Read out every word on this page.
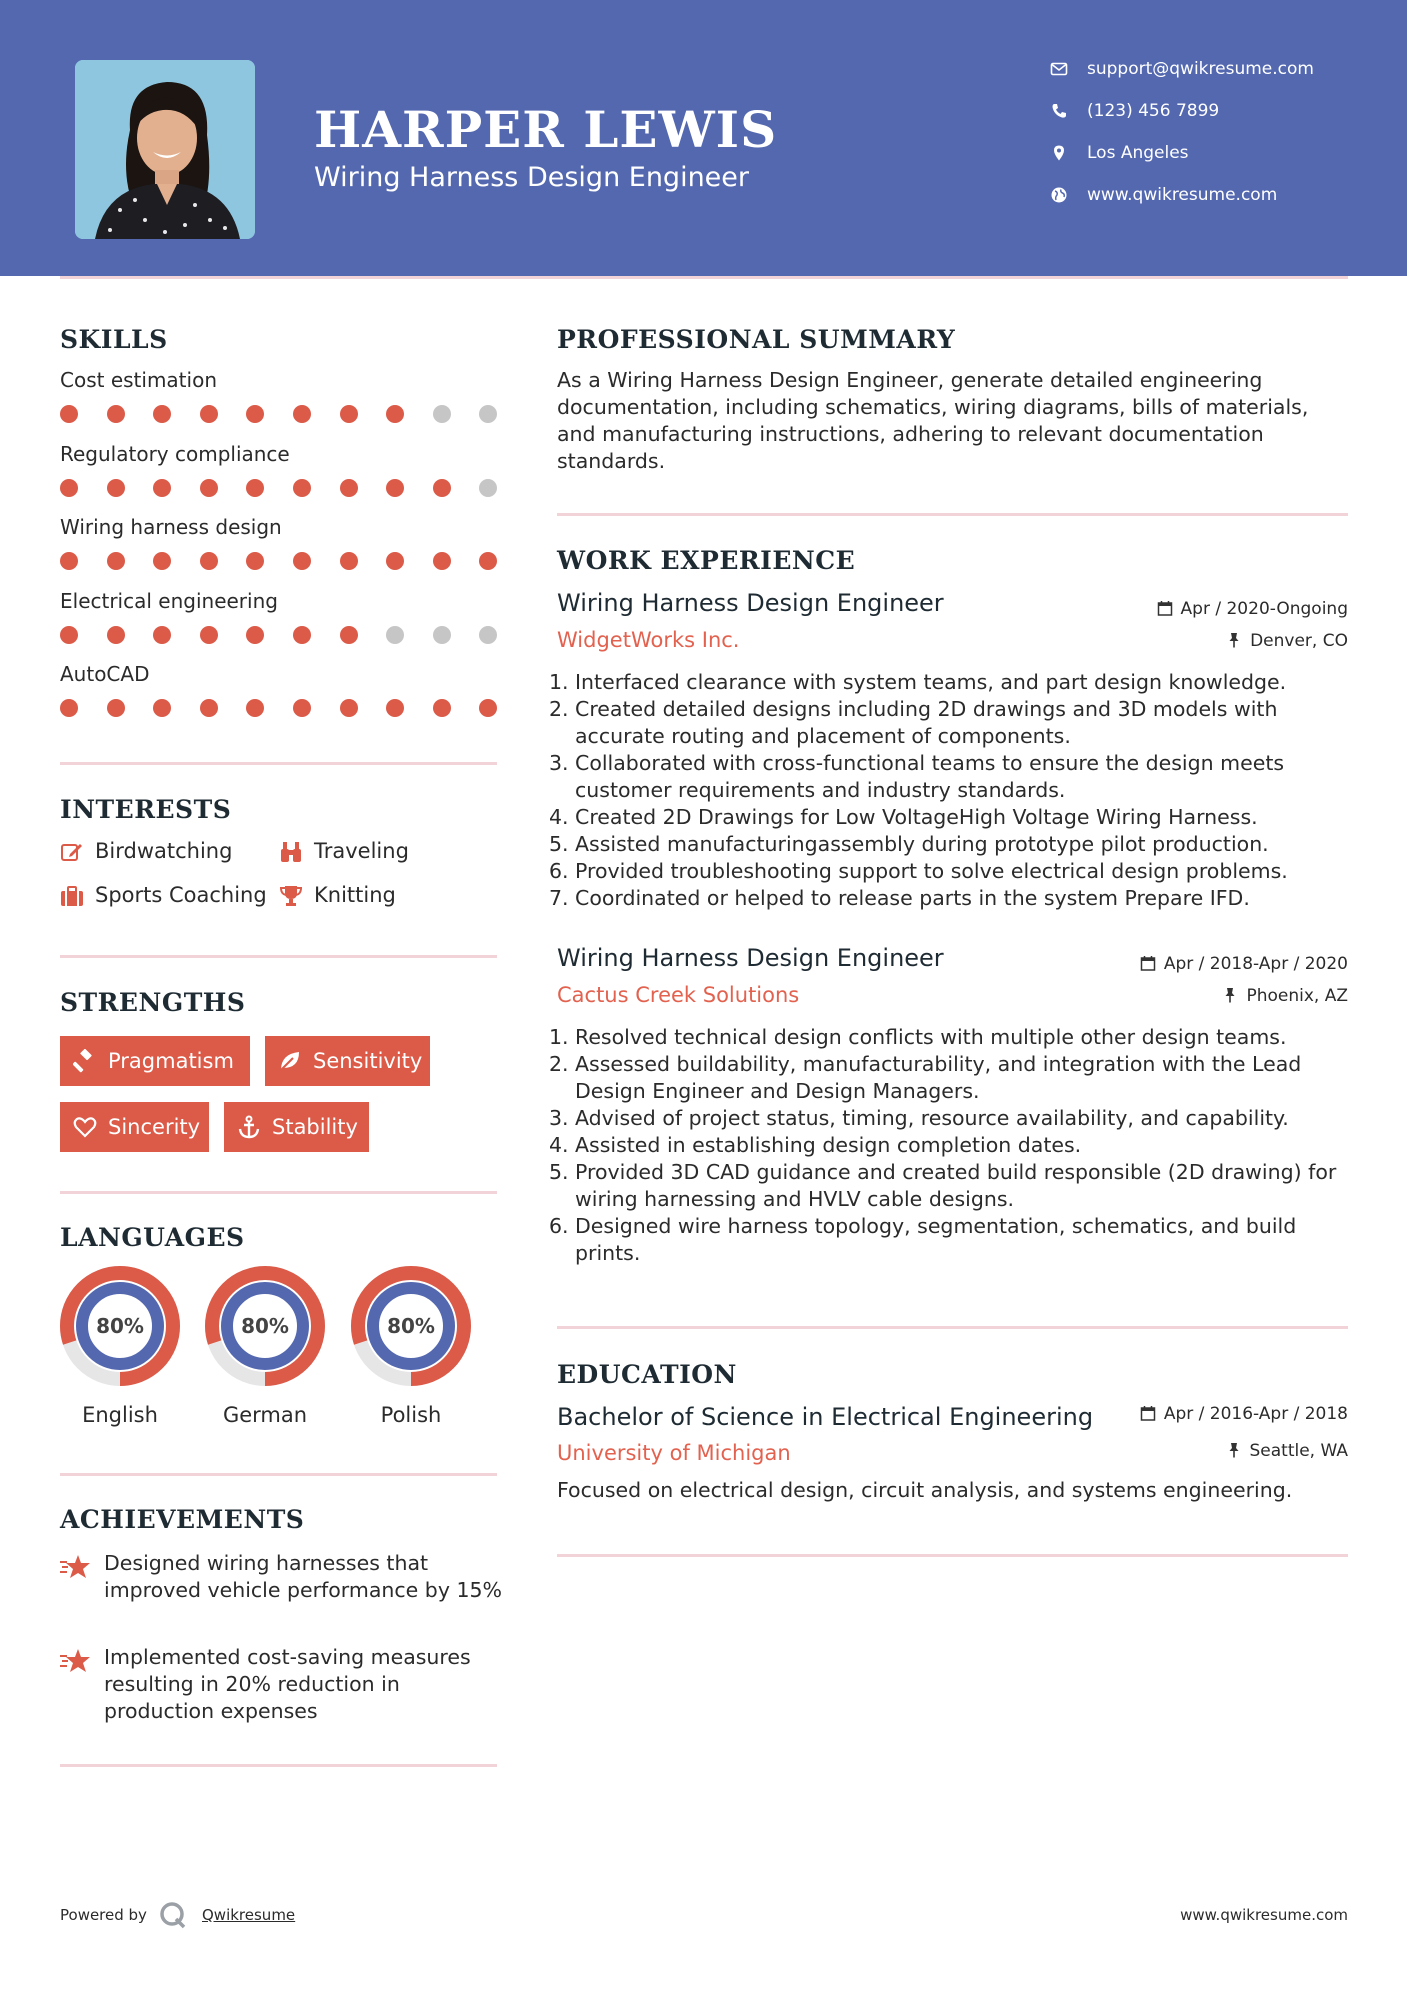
HARPER LEWIS
Wiring Harness Design Engineer
support@qwikresume.com
(123) 456 7899
Los Angeles
www.qwikresume.com
SKILLS
Cost estimation
Regulatory compliance
Wiring harness design
Electrical engineering
AutoCAD
INTERESTS
Birdwatching	Traveling
Sports Coaching Knitting
STRENGTHS
Pragmatism	Sensitivity
Sincerity	Stability
LANGUAGES
80%	80%	80%
English	German	Polish
ACHIEVEMENTS
Designed wiring harnesses that improved vehicle performance by 15%
Implemented cost-saving measures resulting in 20% reduction in production expenses
PROFESSIONAL SUMMARY
As a Wiring Harness Design Engineer, generate detailed engineering documentation, including schematics, wiring diagrams, bills of materials, and manufacturing instructions, adhering to relevant documentation standards.
WORK EXPERIENCE
Wiring Harness Design Engineer	Apr / 2020-Ongoing
WidgetWorks Inc.	Denver, CO
1. Interfaced clearance with system teams, and part design knowledge.
2. Created detailed designs including 2D drawings and 3D models with accurate routing and placement of components.
3. Collaborated with cross-functional teams to ensure the design meets customer requirements and industry standards.
4. Created 2D Drawings for Low VoltageHigh Voltage Wiring Harness.
5. Assisted manufacturingassembly during prototype pilot production.
6. Provided troubleshooting support to solve electrical design problems.
7. Coordinated or helped to release parts in the system Prepare IFD.
Wiring Harness Design Engineer	Apr / 2018-Apr / 2020
Cactus Creek Solutions	Phoenix, AZ
1. Resolved technical design conflicts with multiple other design teams.
2. Assessed buildability, manufacturability, and integration with the Lead Design Engineer and Design Managers.
3. Advised of project status, timing, resource availability, and capability.
4. Assisted in establishing design completion dates.
5. Provided 3D CAD guidance and created build responsible (2D drawing) for wiring harnessing and HVLV cable designs.
6. Designed wire harness topology, segmentation, schematics, and build prints.
EDUCATION
Bachelor of Science in Electrical Engineering	Apr / 2016-Apr / 2018
University of Michigan	Seattle, WA
Focused on electrical design, circuit analysis, and systems engineering.
Powered by	Qwikresume	www.qwikresume.com
